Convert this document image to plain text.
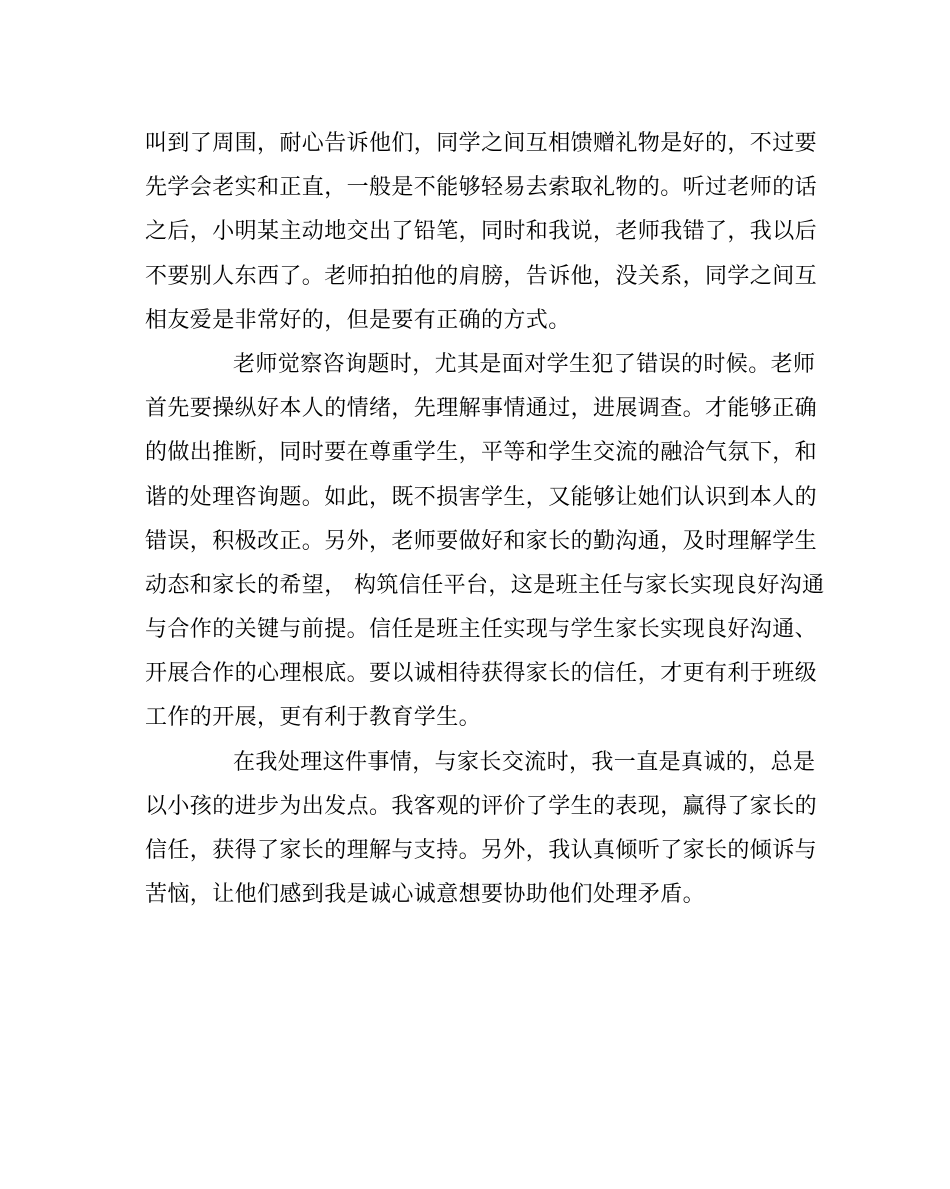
叫到了周围，耐心告诉他们，同学之间互相馈赠礼物是好的，不过要
先学会老实和正直，一般是不能够轻易去索取礼物的。听过老师的话
之后，小明某主动地交出了铅笔，同时和我说，老师我错了，我以后
不要别人东西了。老师拍拍他的肩膀，告诉他，没关系，同学之间互
相友爱是非常好的，但是要有正确的方式。
老师觉察咨询题时，尤其是面对学生犯了错误的时候。老师
首先要操纵好本人的情绪，先理解事情通过，进展调查。才能够正确
的做出推断，同时要在尊重学生，平等和学生交流的融洽气氛下，和
谐的处理咨询题。如此，既不损害学生，又能够让她们认识到本人的
错误，积极改正。另外，老师要做好和家长的勤沟通，及时理解学生
动态和家长的希望， 构筑信任平台，这是班主任与家长实现良好沟通
与合作的关键与前提。信任是班主任实现与学生家长实现良好沟通、
开展合作的心理根底。要以诚相待获得家长的信任，才更有利于班级
工作的开展，更有利于教育学生。
在我处理这件事情，与家长交流时，我一直是真诚的，总是
以小孩的进步为出发点。我客观的评价了学生的表现，赢得了家长的
信任，获得了家长的理解与支持。另外，我认真倾听了家长的倾诉与
苦恼，让他们感到我是诚心诚意想要协助他们处理矛盾。
